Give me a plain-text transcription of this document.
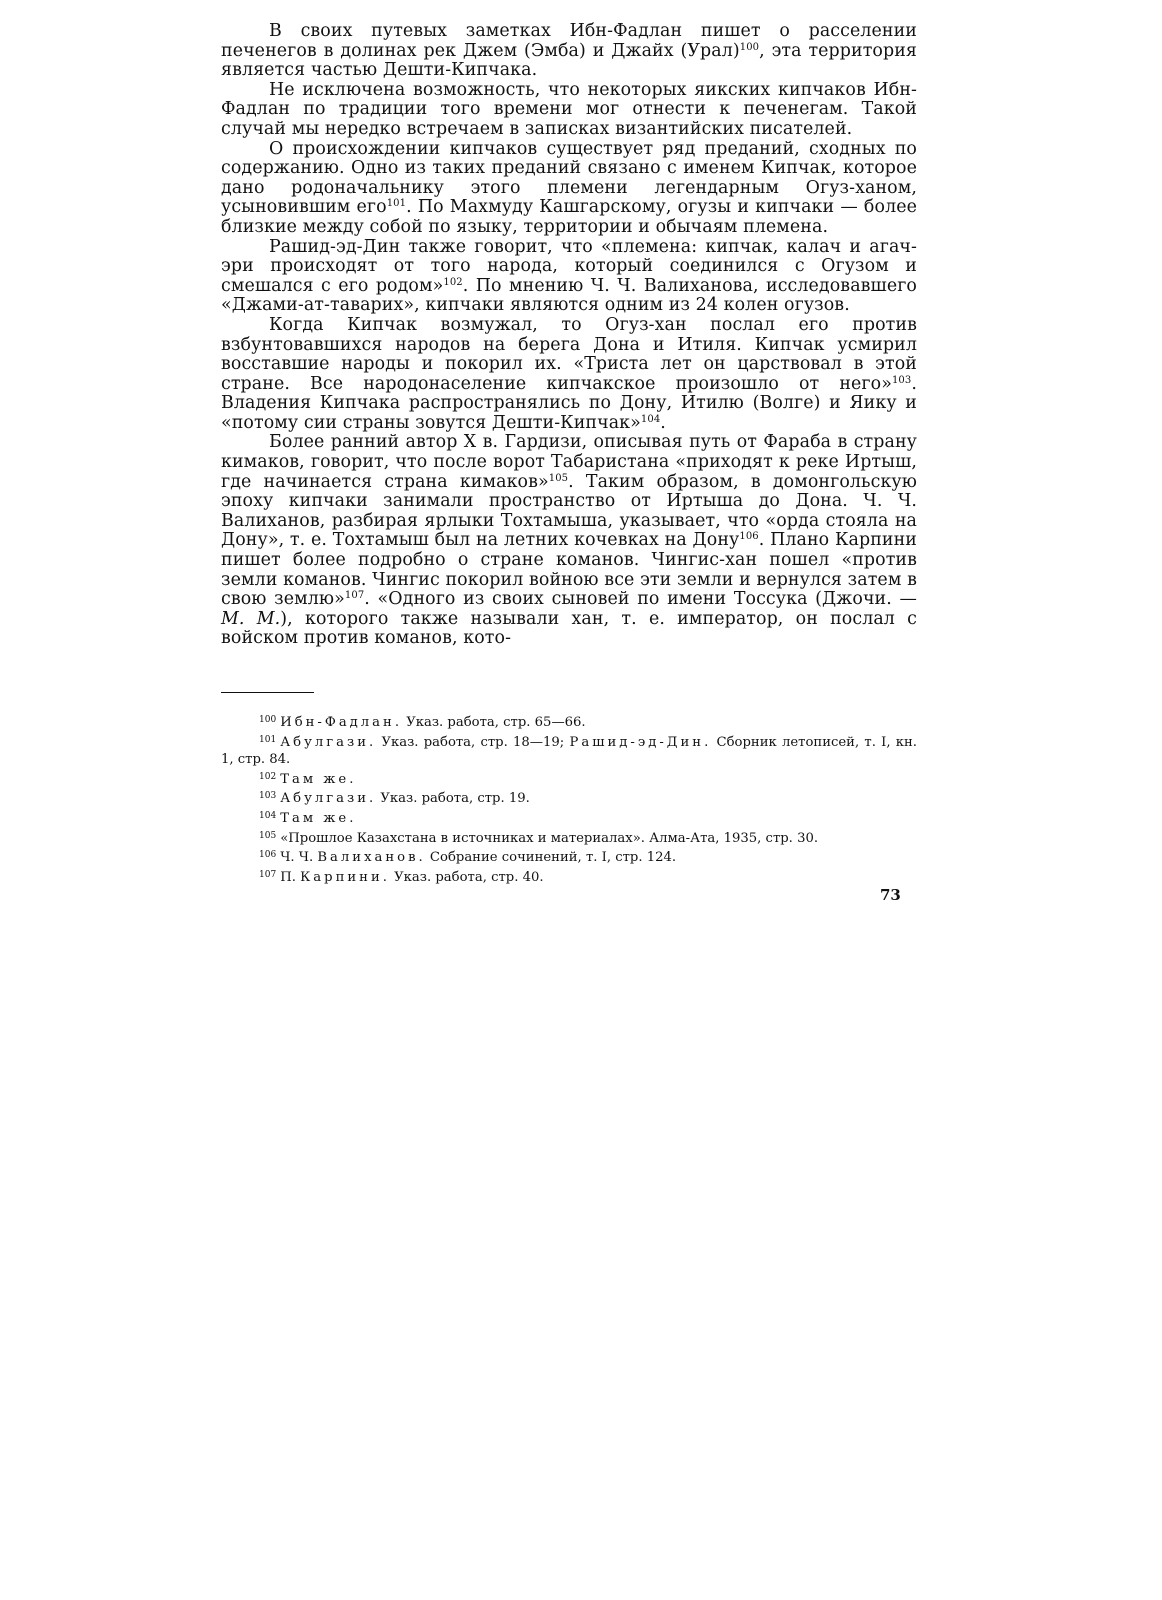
В своих путевых заметках Ибн-Фадлан пишет о расселении печенегов в долинах рек Джем (Эмба) и Джайх (Урал)$^{100}$, эта территория является частью Дешти-Кипчака.

Не исключена возможность, что некоторых яикских кипчаков Ибн-Фадлан по традиции того времени мог отнести к печенегам. Такой случай мы нередко встречаем в записках византийских писателей.

О происхождении кипчаков существует ряд преданий, сходных по содержанию. Одно из таких преданий связано с именем Кипчак, которое дано родоначальнику этого племени легендарным Огуз-ханом, усыновившим его$^{101}$. По Махмуду Кашгарскому, огузы и кипчаки — более близкие между собой по языку, территории и обычаям племена.

Рашид-эд-Дин также говорит, что «племена: кипчак, калач и агач-эри происходят от того народа, который соединился с Огузом и смешался с его родом»$^{102}$. По мнению Ч. Ч. Валиханова, исследовавшего «Джами-ат-таварих», кипчаки являются одним из 24 колен огузов.

Когда Кипчак возмужал, то Огуз-хан послал его против взбунтовавшихся народов на берега Дона и Итиля. Кипчак усмирил восставшие народы и покорил их. «Триста лет он царствовал в этой стране. Все народонаселение кипчакское произошло от него»$^{103}$. Владения Кипчака распространялись по Дону, Итилю (Волге) и Яику и «потому сии страны зовутся Дешти-Кипчак»$^{104}$.

Более ранний автор X в. Гардизи, описывая путь от Фараба в страну кимаков, говорит, что после ворот Табаристана «приходят к реке Иртыш, где начинается страна кимаков»$^{105}$. Таким образом, в домонгольскую эпоху кипчаки занимали пространство от Иртыша до Дона. Ч. Ч. Валиханов, разбирая ярлыки Тохтамыша, указывает, что «орда стояла на Дону», т. е. Тохтамыш был на летних кочевках на Дону$^{106}$. Плано Карпини пишет более подробно о стране команов. Чингис-хан пошел «против земли команов. Чингис покорил войною все эти земли и вернулся затем в свою землю»$^{107}$. «Одного из своих сыновей по имени Тоссука (Джочи. — М. М.), которого также называли хан, т. е. император, он послал с войском против команов, кото-

$^{100}$ Ибн-Фадлан. Указ. работа, стр. 65—66.

$^{101}$ Абулгази. Указ. работа, стр. 18—19; Рашид-эд-Дин. Сборник летописей, т. I, кн. 1, стр. 84.

$^{102}$ Там же.

$^{103}$ Абулгази. Указ. работа, стр. 19.

$^{104}$ Там же.

$^{105}$ «Прошлое Казахстана в источниках и материалах». Алма-Ата, 1935, стр. 30.

$^{106}$ Ч. Ч. Валиханов. Собрание сочинений, т. I, стр. 124.

$^{107}$ П. Карпини. Указ. работа, стр. 40.

73
